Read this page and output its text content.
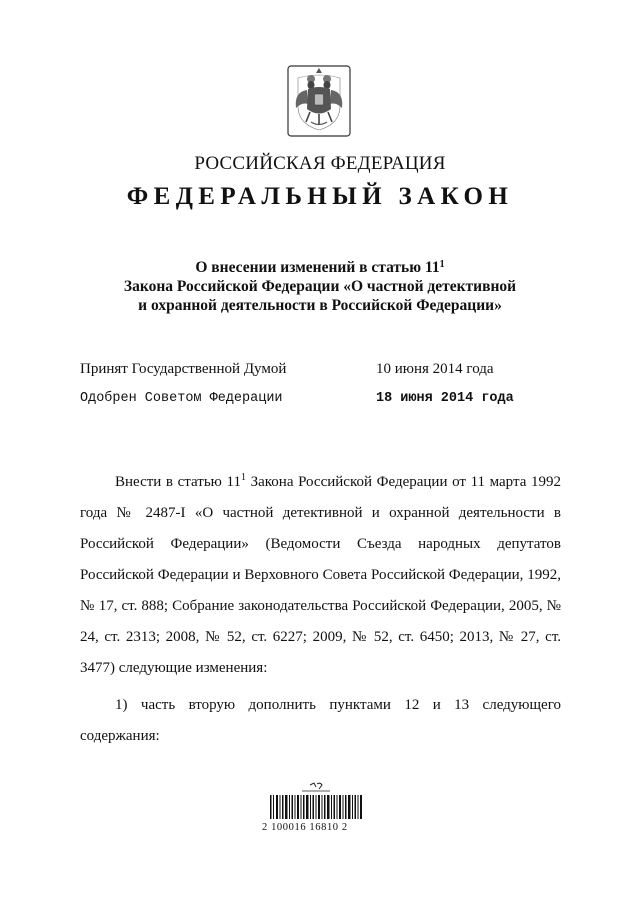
РОССИЙСКАЯ ФЕДЕРАЦИЯ
ФЕДЕРАЛЬНЫЙ ЗАКОН
О внесении изменений в статью $11^1$
Закона Российской Федерации «О частной детективной
и охранной деятельности в Российской Федерации»
Принят Государственной Думой	10 июня 2014 года
Одобрен Советом Федерации	18 июня 2014 года

Внести в статью $11^1$ Закона Российской Федерации от 11 марта 1992 года № 2487-I «О частной детективной и охранной деятельности в Российской Федерации» (Ведомости Съезда народных депутатов Российской Федерации и Верховного Совета Российской Федерации, 1992, № 17, ст. 888; Собрание законодательства Российской Федерации, 2005, № 24, ст. 2313; 2008, № 52, ст. 6227; 2009, № 52, ст. 6450; 2013, № 27, ст. 3477) следующие изменения:

1) часть вторую дополнить пунктами 12 и 13 следующего

содержания:

2 100016 16810 2
